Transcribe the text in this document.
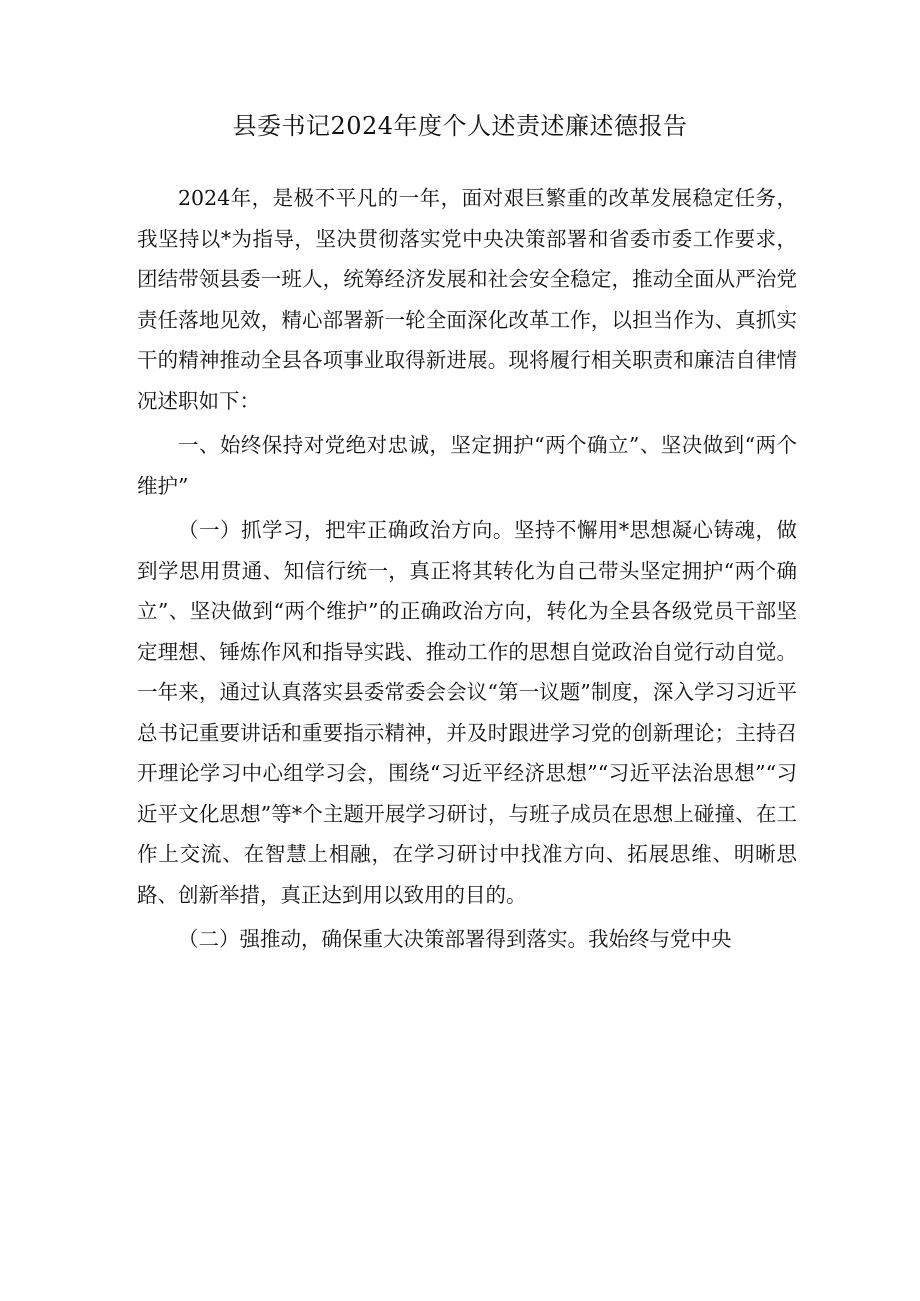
县委书记2024年度个人述责述廉述德报告

2024年，是极不平凡的一年，面对艰巨繁重的改革发展稳定任务，我坚持以*为指导，坚决贯彻落实党中央决策部署和省委市委工作要求，团结带领县委一班人，统筹经济发展和社会安全稳定，推动全面从严治党责任落地见效，精心部署新一轮全面深化改革工作，以担当作为、真抓实干的精神推动全县各项事业取得新进展。现将履行相关职责和廉洁自律情况述职如下：

一、始终保持对党绝对忠诚，坚定拥护“两个确立”、坚决做到“两个维护”

（一）抓学习，把牢正确政治方向。坚持不懈用*思想凝心铸魂，做到学思用贯通、知信行统一，真正将其转化为自己带头坚定拥护“两个确立”、坚决做到“两个维护”的正确政治方向，转化为全县各级党员干部坚定理想、锤炼作风和指导实践、推动工作的思想自觉政治自觉行动自觉。一年来，通过认真落实县委常委会会议“第一议题”制度，深入学习习近平总书记重要讲话和重要指示精神，并及时跟进学习党的创新理论；主持召开理论学习中心组学习会，围绕“习近平经济思想”“习近平法治思想”“习近平文化思想”等*个主题开展学习研讨，与班子成员在思想上碰撞、在工作上交流、在智慧上相融，在学习研讨中找准方向、拓展思维、明晰思路、创新举措，真正达到用以致用的目的。

（二）强推动，确保重大决策部署得到落实。我始终与党中央
